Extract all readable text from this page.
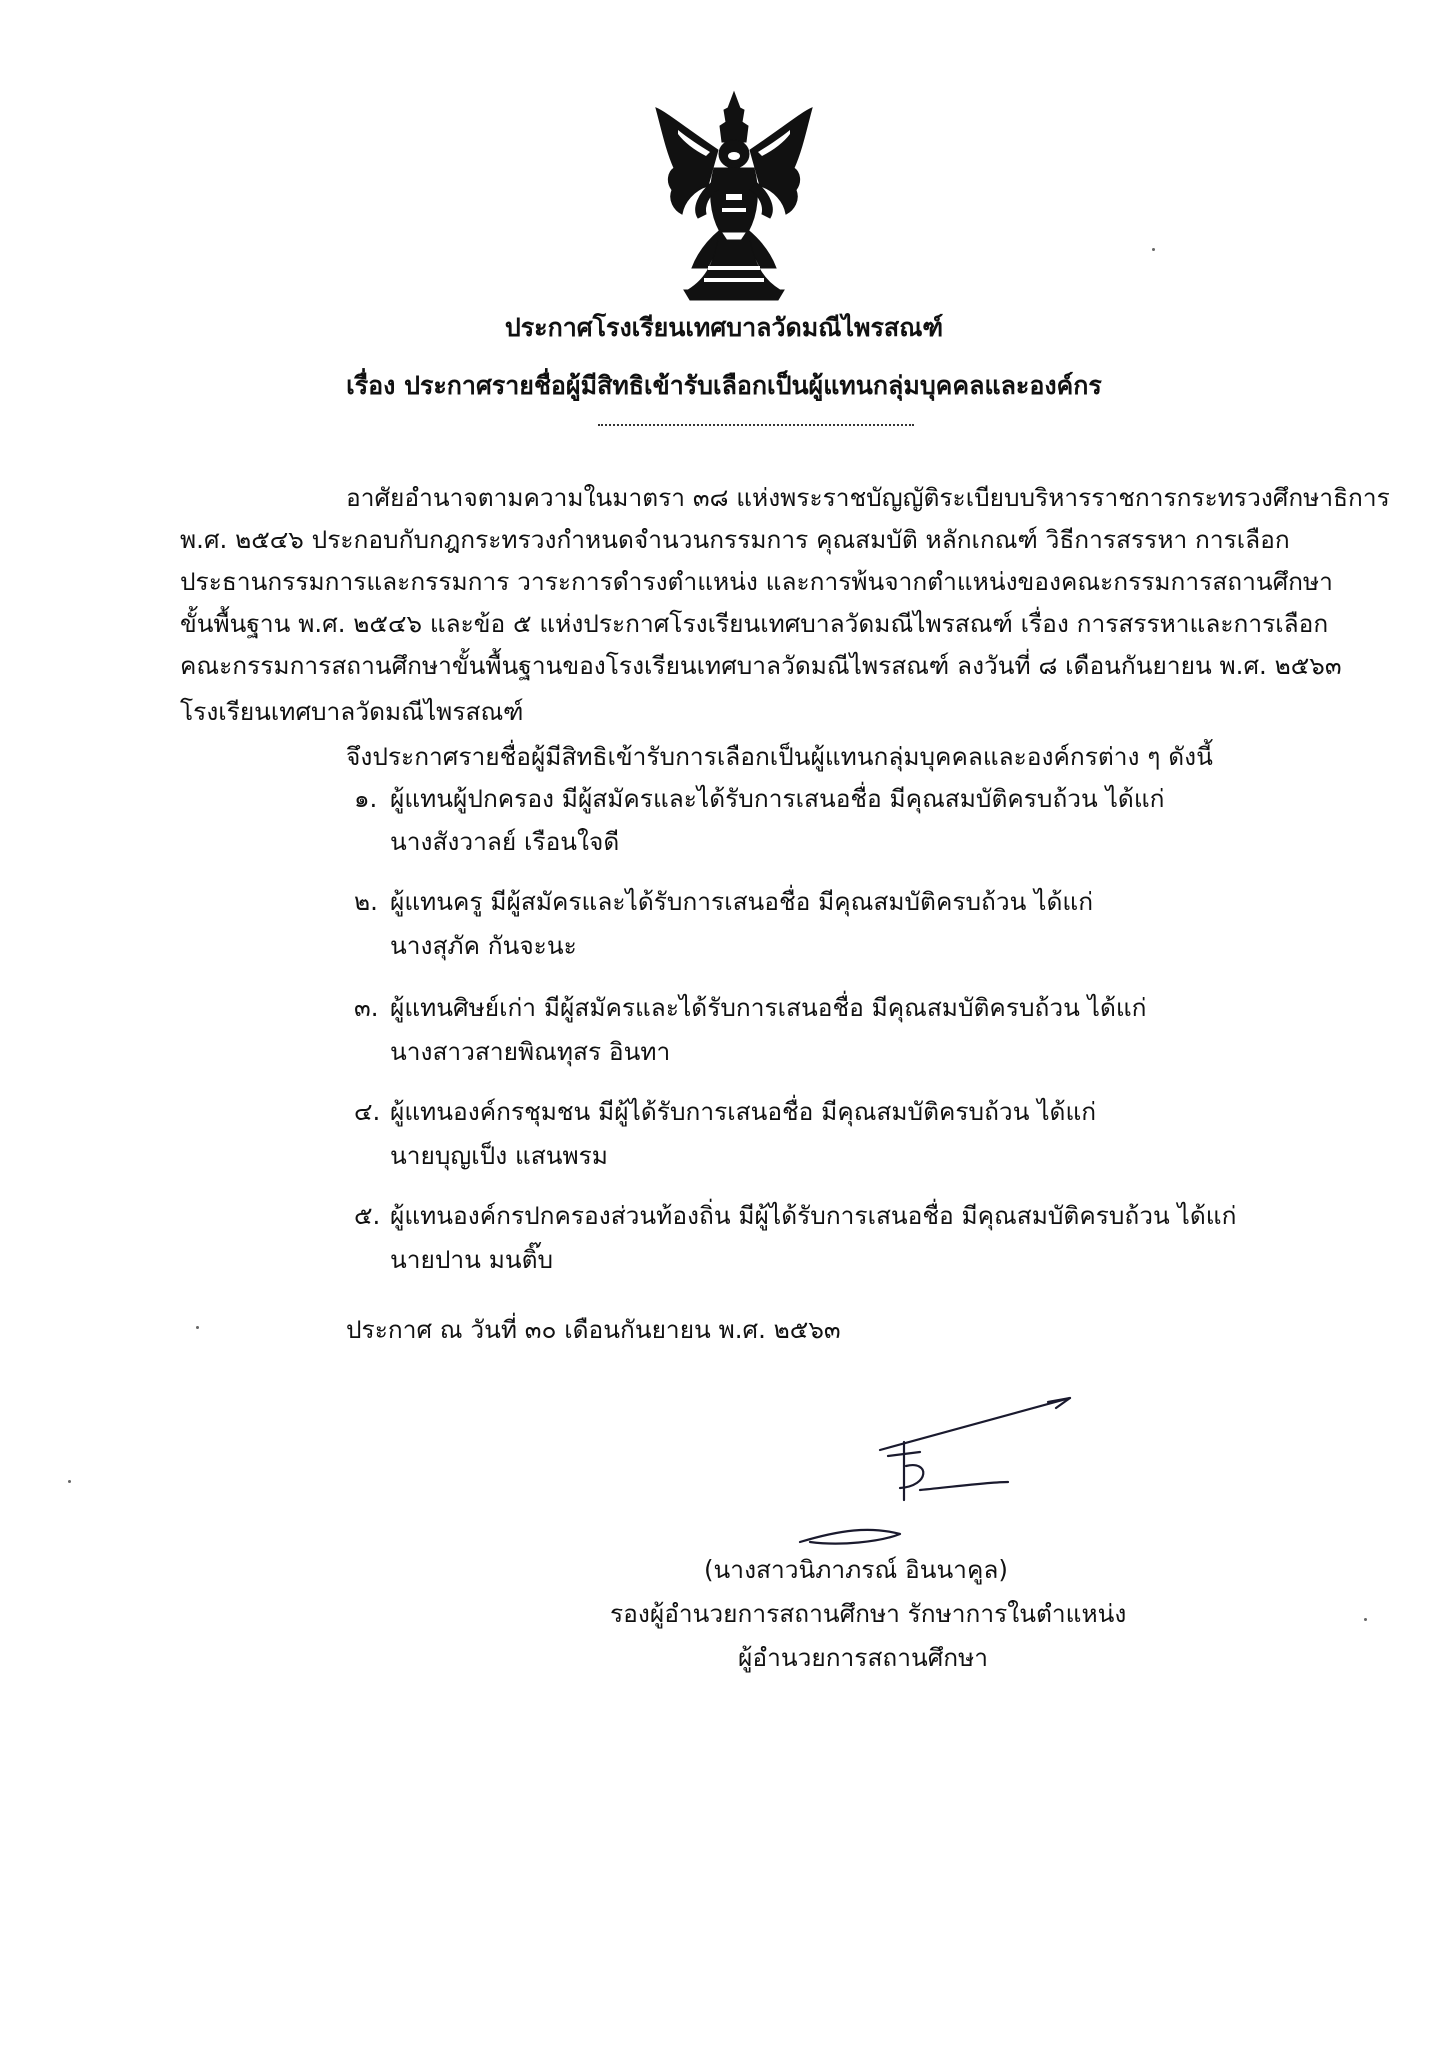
ประกาศโรงเรียนเทศบาลวัดมณีไพรสณฑ์
เรื่อง ประกาศรายชื่อผู้มีสิทธิเข้ารับเลือกเป็นผู้แทนกลุ่มบุคคลและองค์กร
อาศัยอำนาจตามความในมาตรา ๓๘ แห่งพระราชบัญญัติระเบียบบริหารราชการกระทรวงศึกษาธิการ
พ.ศ. ๒๕๔๖ ประกอบกับกฎกระทรวงกำหนดจำนวนกรรมการ คุณสมบัติ หลักเกณฑ์ วิธีการสรรหา การเลือก
ประธานกรรมการและกรรมการ วาระการดำรงตำแหน่ง และการพ้นจากตำแหน่งของคณะกรรมการสถานศึกษา
ขั้นพื้นฐาน พ.ศ. ๒๕๔๖ และข้อ ๕ แห่งประกาศโรงเรียนเทศบาลวัดมณีไพรสณฑ์ เรื่อง การสรรหาและการเลือก
คณะกรรมการสถานศึกษาขั้นพื้นฐานของโรงเรียนเทศบาลวัดมณีไพรสณฑ์ ลงวันที่ ๘ เดือนกันยายน พ.ศ. ๒๕๖๓
โรงเรียนเทศบาลวัดมณีไพรสณฑ์
จึงประกาศรายชื่อผู้มีสิทธิเข้ารับการเลือกเป็นผู้แทนกลุ่มบุคคลและองค์กรต่าง ๆ ดังนี้
๑. ผู้แทนผู้ปกครอง มีผู้สมัครและได้รับการเสนอชื่อ มีคุณสมบัติครบถ้วน ได้แก่
นางสังวาลย์ เรือนใจดี
๒. ผู้แทนครู มีผู้สมัครและได้รับการเสนอชื่อ มีคุณสมบัติครบถ้วน ได้แก่
นางสุภัค กันจะนะ
๓. ผู้แทนศิษย์เก่า มีผู้สมัครและได้รับการเสนอชื่อ มีคุณสมบัติครบถ้วน ได้แก่
นางสาวสายพิณทุสร อินทา
๔. ผู้แทนองค์กรชุมชน มีผู้ได้รับการเสนอชื่อ มีคุณสมบัติครบถ้วน ได้แก่
นายบุญเป็ง แสนพรม
๕. ผู้แทนองค์กรปกครองส่วนท้องถิ่น มีผู้ได้รับการเสนอชื่อ มีคุณสมบัติครบถ้วน ได้แก่
นายปาน มนติ๊บ
ประกาศ ณ วันที่ ๓๐ เดือนกันยายน พ.ศ. ๒๕๖๓
(นางสาวนิภาภรณ์ อินนาคูล)
รองผู้อำนวยการสถานศึกษา รักษาการในตำแหน่ง
ผู้อำนวยการสถานศึกษา
